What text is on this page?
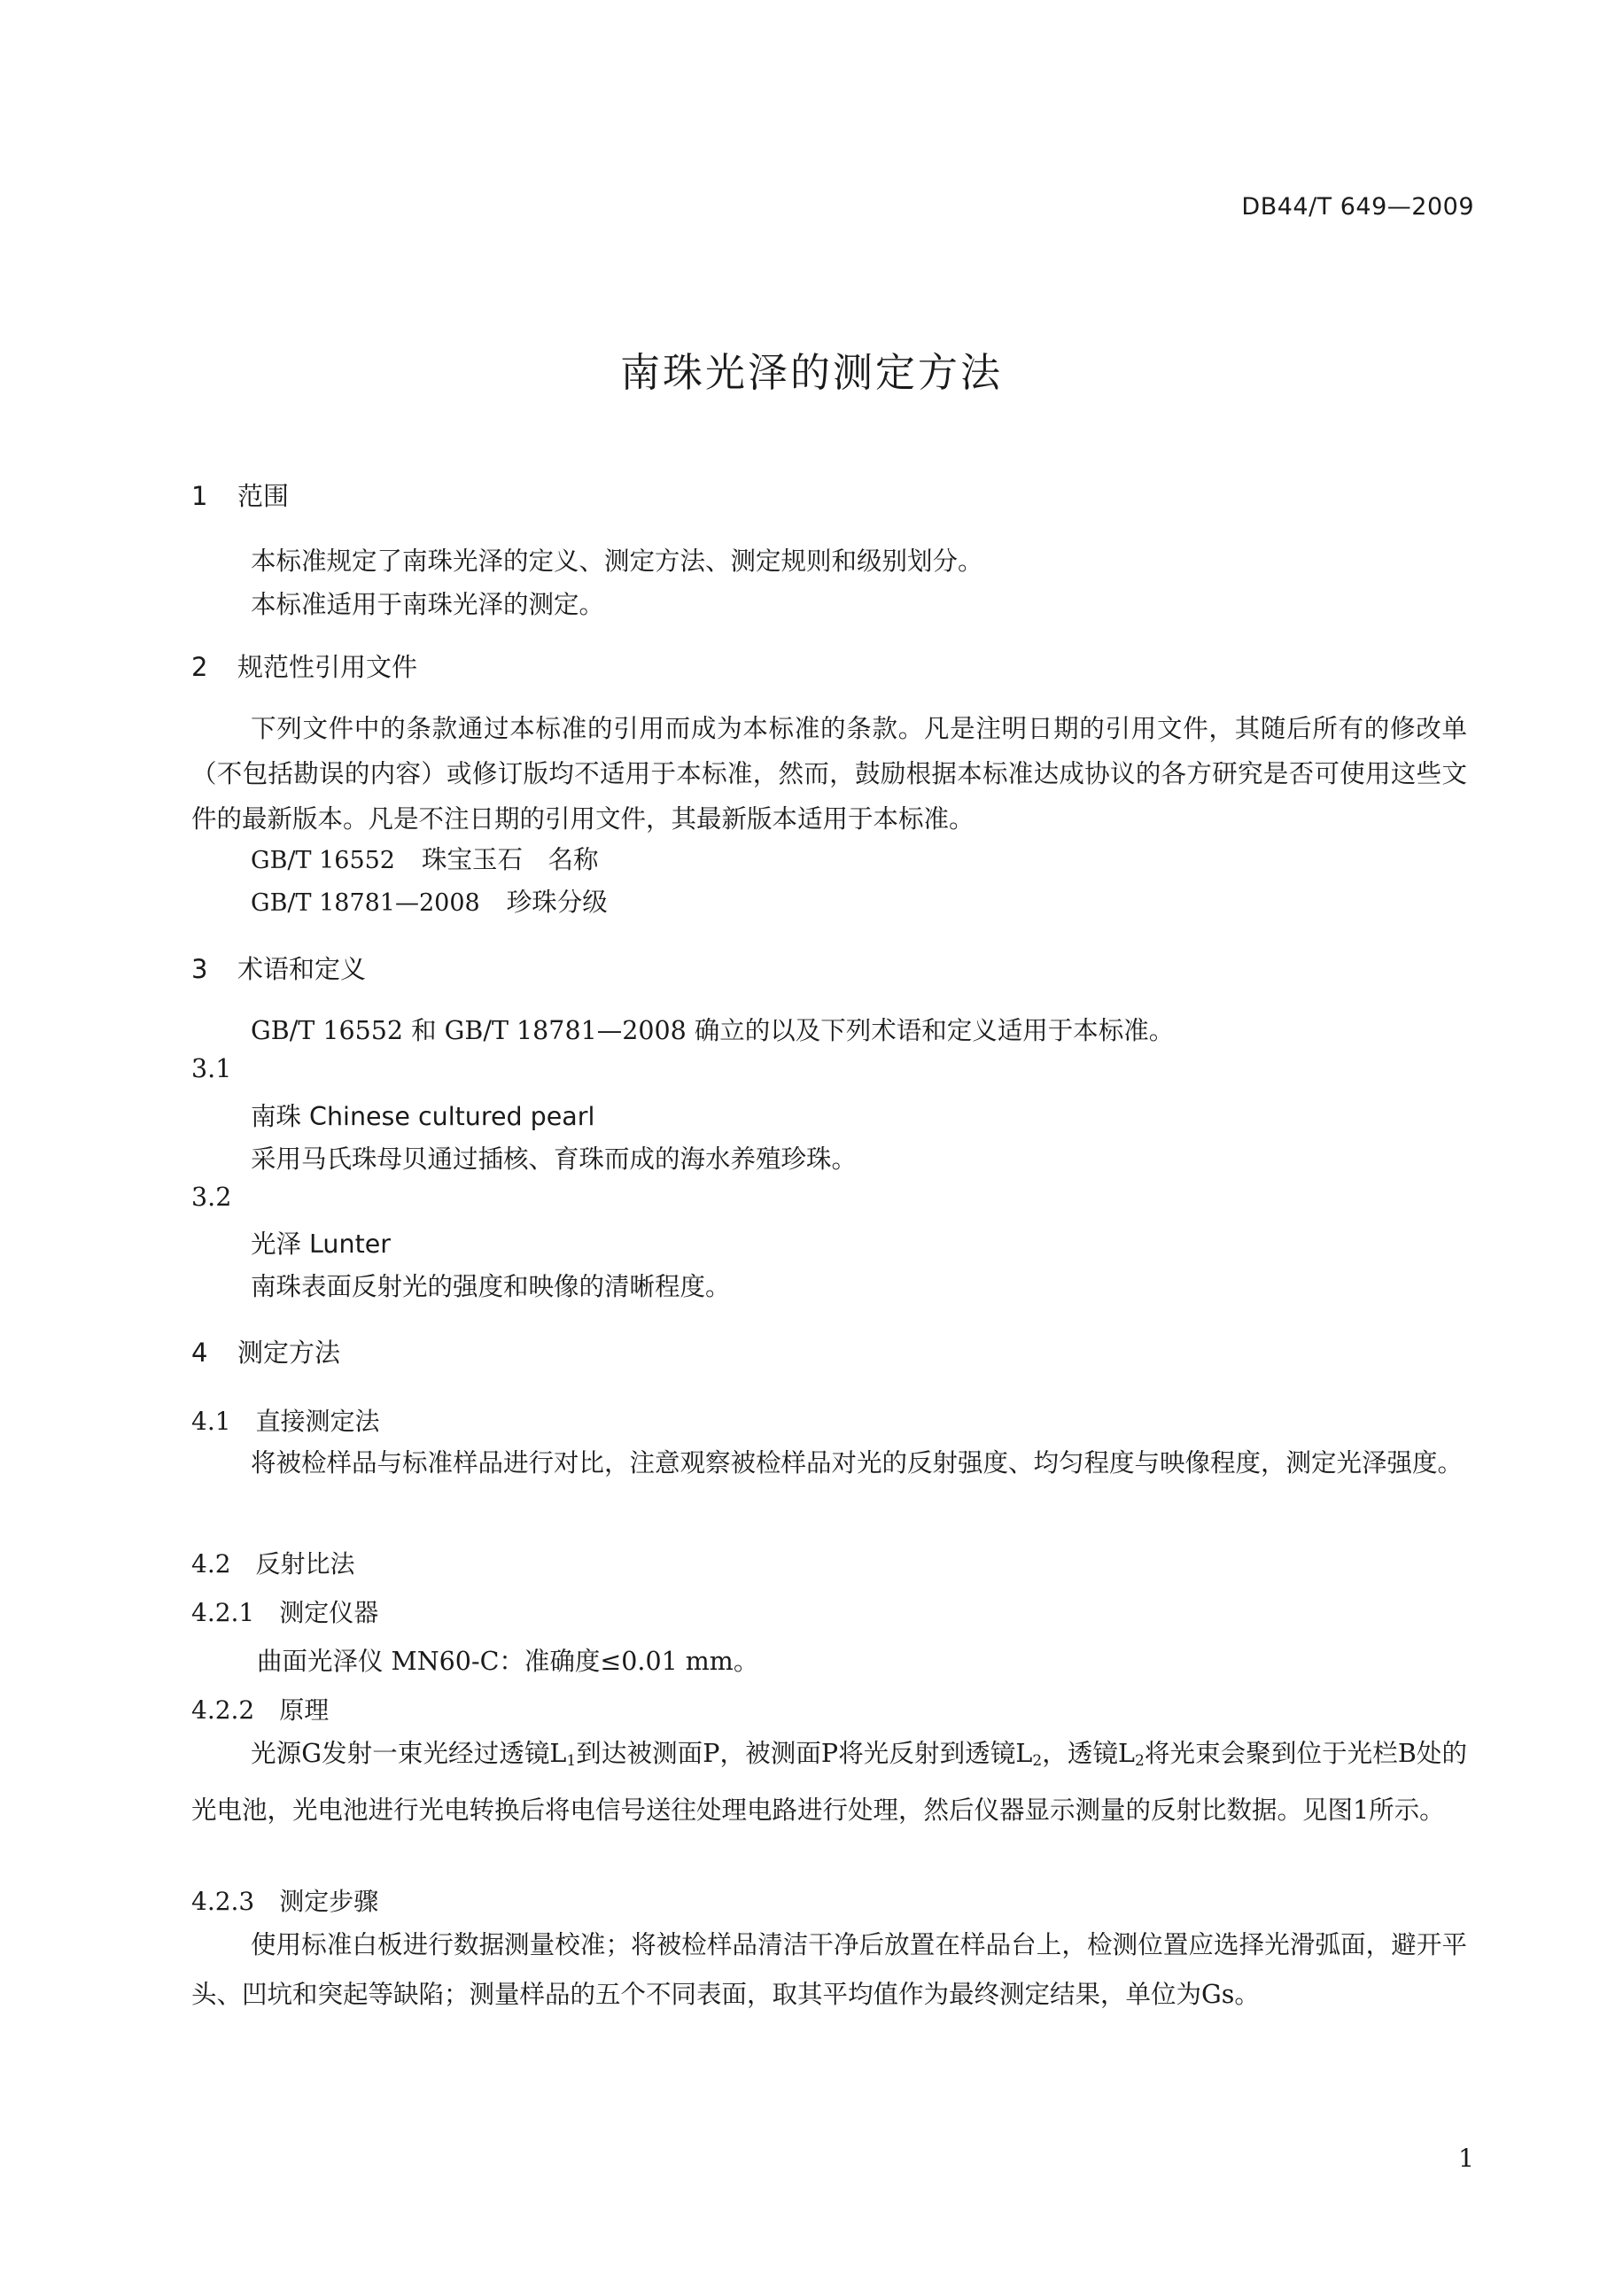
DB44/T 649—2009
南珠光泽的测定方法
1 范围
本标准规定了南珠光泽的定义、测定方法、测定规则和级别划分。
本标准适用于南珠光泽的测定。
2 规范性引用文件
下列文件中的条款通过本标准的引用而成为本标准的条款。凡是注明日期的引用文件，其随后所有的修改单（不包括勘误的内容）或修订版均不适用于本标准，然而，鼓励根据本标准达成协议的各方研究是否可使用这些文件的最新版本。凡是不注日期的引用文件，其最新版本适用于本标准。
GB/T 16552 珠宝玉石　名称
GB/T 18781—2008 珍珠分级
3 术语和定义
GB/T 16552 和 GB/T 18781—2008 确立的以及下列术语和定义适用于本标准。
3.1
南珠 Chinese cultured pearl
采用马氏珠母贝通过插核、育珠而成的海水养殖珍珠。
3.2
光泽 Lunter
南珠表面反射光的强度和映像的清晰程度。
4 测定方法
4.1 直接测定法
将被检样品与标准样品进行对比，注意观察被检样品对光的反射强度、均匀程度与映像程度，测定光泽强度。
4.2 反射比法
4.2.1 测定仪器
曲面光泽仪 MN60-C：准确度≤0.01 mm。
4.2.2 原理
光源G发射一束光经过透镜$L_1$到达被测面P，被测面P将光反射到透镜$L_2$，透镜$L_2$将光束会聚到位于光栏B处的光电池，光电池进行光电转换后将电信号送往处理电路进行处理，然后仪器显示测量的反射比数据。见图1所示。
4.2.3 测定步骤
使用标准白板进行数据测量校准；将被检样品清洁干净后放置在样品台上，检测位置应选择光滑弧面，避开平头、凹坑和突起等缺陷；测量样品的五个不同表面，取其平均值作为最终测定结果，单位为Gs。
1
